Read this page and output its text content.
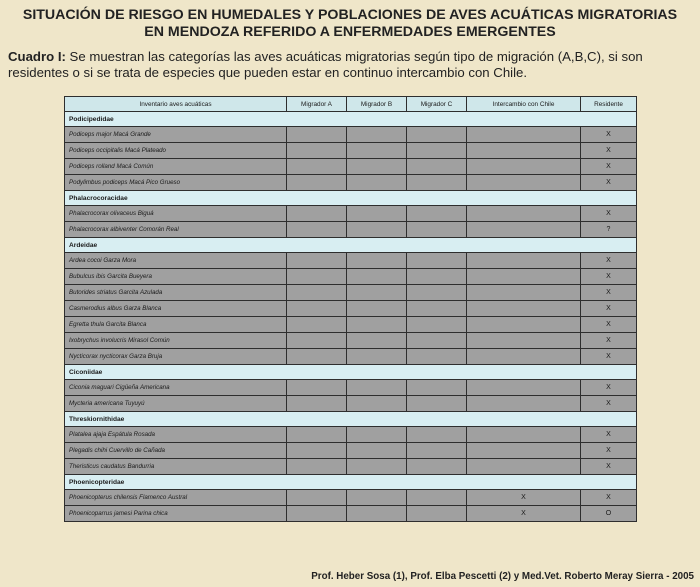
SITUACIÓN DE RIESGO EN HUMEDALES Y POBLACIONES DE AVES ACUÁTICAS MIGRATORIAS
EN MENDOZA REFERIDO A ENFERMEDADES EMERGENTES
Cuadro I: Se muestran las categorías las aves acuáticas migratorias según tipo de migración (A,B,C), si son residentes o si se trata de especies que pueden estar en continuo intercambio con Chile.
Inventario aves acuáticas	Migrador A	Migrador B	Migrador C	Intercambio con Chile	Residente
Podicipedidae					
Podiceps major Macá Grande					X
Podiceps occipitalis Macá Plateado					X
Podiceps rolland Macá Común					X
Podylimbus podiceps Macá Pico Grueso					X
Phalacrocoracidae					
Phalacrocorax olivaceus Biguá					X
Phalacrocorax albiventer Comorán Real					?
Ardeidae					
Ardea cocoi Garza Mora					X
Bubulcus ibis Garcita Bueyera					X
Butorides striatus Garcita Azulada					X
Casmerodius albus Garza Blanca					X
Egretta thula Garcita Blanca					X
Ixobrychus involucris Mirasol Común					X
Nycticorax nycticorax Garza Bruja					X
Ciconiidae					
Ciconia maguari Cigüeña Americana					X
Mycteria americana Tuyuyú					X
Threskiornithidae					
Platalea ajaja Espátula Rosada					X
Plegadis chihi Cuervillo de Cañada					X
Theristicus caudatus Bandurria					X
Phoenicopteridae					
Phoenicopterus chilensis Flamenco Austral				X	X
Phoenicoparrus jamesi Parina chica				X	O
Prof. Heber Sosa (1), Prof. Elba Pescetti (2) y Med.Vet. Roberto Meray Sierra - 2005
